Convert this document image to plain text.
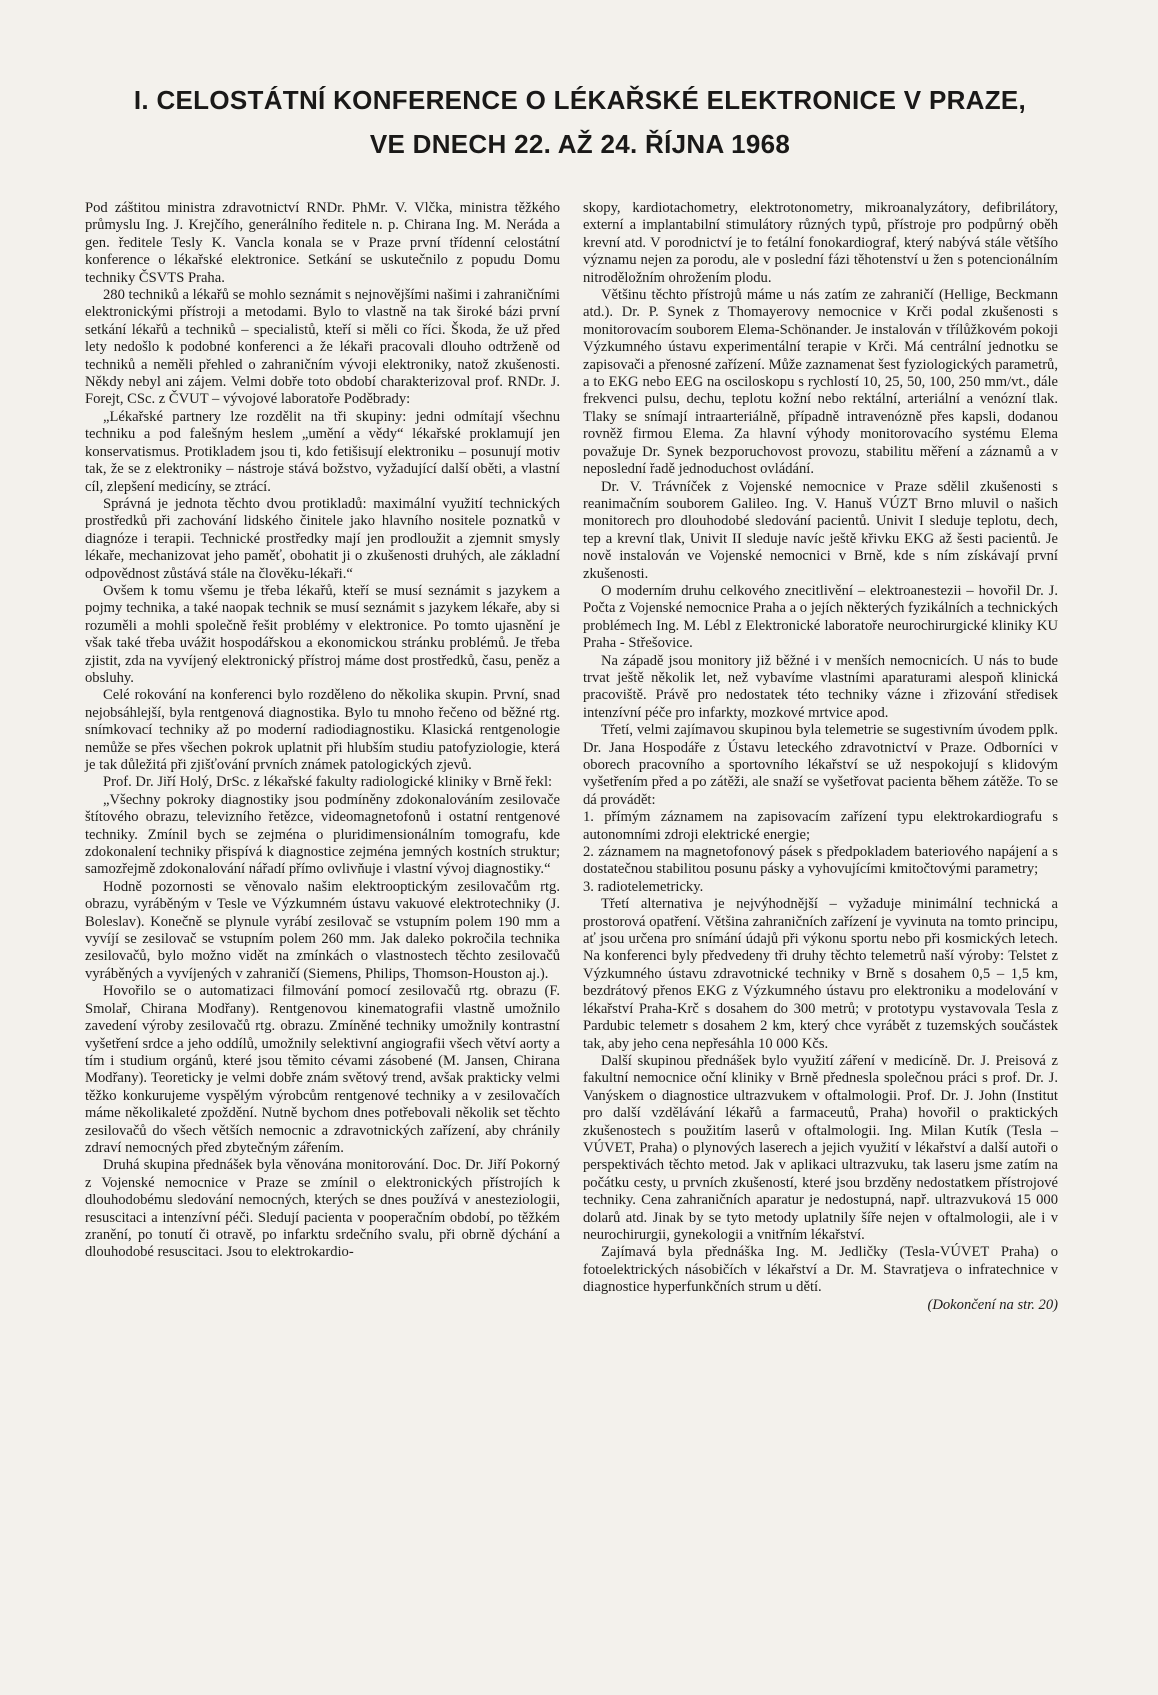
I. CELOSTÁTNÍ KONFERENCE O LÉKAŘSKÉ ELEKTRONICE V PRAZE,
VE DNECH 22. AŽ 24. ŘÍJNA 1968

Pod záštitou ministra zdravotnictví RNDr. PhMr. V. Vlčka, ministra těžkého průmyslu Ing. J. Krejčího, generálního ředitele n. p. Chirana Ing. M. Neráda a gen. ředitele Tesly K. Vancla konala se v Praze první třídenní celostátní konference o lékařské elektronice. Setkání se uskutečnilo z popudu Domu techniky ČSVTS Praha.

280 techniků a lékařů se mohlo seznámit s nejnovějšími našimi i zahraničními elektronickými přístroji a metodami. Bylo to vlastně na tak široké bázi první setkání lékařů a techniků – specialistů, kteří si měli co říci. Škoda, že už před lety nedošlo k podobné konferenci a že lékaři pracovali dlouho odtrženě od techniků a neměli přehled o zahraničním vývoji elektroniky, natož zkušenosti. Někdy nebyl ani zájem. Velmi dobře toto období charakterizoval prof. RNDr. J. Forejt, CSc. z ČVUT – vývojové laboratoře Poděbrady:

„Lékařské partnery lze rozdělit na tři skupiny: jedni odmítají všechnu techniku a pod falešným heslem „umění a vědy“ lékařské proklamují jen konservatismus. Protikladem jsou ti, kdo fetišisují elektroniku – posunují motiv tak, že se z elektroniky – nástroje stává božstvo, vyžadující další oběti, a vlastní cíl, zlepšení medicíny, se ztrácí.

Správná je jednota těchto dvou protikladů: maximální využití technických prostředků při zachování lidského činitele jako hlavního nositele poznatků v diagnóze i terapii. Technické prostředky mají jen prodloužit a zjemnit smysly lékaře, mechanizovat jeho paměť, obohatit ji o zkušenosti druhých, ale základní odpovědnost zůstává stále na člověku-lékaři.“

Ovšem k tomu všemu je třeba lékařů, kteří se musí seznámit s jazykem a pojmy technika, a také naopak technik se musí seznámit s jazykem lékaře, aby si rozuměli a mohli společně řešit problémy v elektronice. Po tomto ujasnění je však také třeba uvážit hospodářskou a ekonomickou stránku problémů. Je třeba zjistit, zda na vyvíjený elektronický přístroj máme dost prostředků, času, peněz a obsluhy.

Celé rokování na konferenci bylo rozděleno do několika skupin. První, snad nejobsáhlejší, byla rentgenová diagnostika. Bylo tu mnoho řečeno od běžné rtg. snímkovací techniky až po moderní radiodiagnostiku. Klasická rentgenologie nemůže se přes všechen pokrok uplatnit při hlubším studiu patofyziologie, která je tak důležitá při zjišťování prvních známek patologických zjevů.

Prof. Dr. Jiří Holý, DrSc. z lékařské fakulty radiologické kliniky v Brně řekl:

„Všechny pokroky diagnostiky jsou podmíněny zdokonalováním zesilovače štítového obrazu, televizního řetězce, videomagnetofonů i ostatní rentgenové techniky. Zmínil bych se zejména o pluridimensionálním tomografu, kde zdokonalení techniky přispívá k diagnostice zejména jemných kostních struktur; samozřejmě zdokonalování nářadí přímo ovlivňuje i vlastní vývoj diagnostiky.“

Hodně pozornosti se věnovalo našim elektrooptickým zesilovačům rtg. obrazu, vyráběným v Tesle ve Výzkumném ústavu vakuové elektrotechniky (J. Boleslav). Konečně se plynule vyrábí zesilovač se vstupním polem 190 mm a vyvíjí se zesilovač se vstupním polem 260 mm. Jak daleko pokročila technika zesilovačů, bylo možno vidět na zmínkách o vlastnostech těchto zesilovačů vyráběných a vyvíjených v zahraničí (Siemens, Philips, Thomson-Houston aj.).

Hovořilo se o automatizaci filmování pomocí zesilovačů rtg. obrazu (F. Smolař, Chirana Modřany). Rentgenovou kinematografii vlastně umožnilo zavedení výroby zesilovačů rtg. obrazu. Zmíněné techniky umožnily kontrastní vyšetření srdce a jeho oddílů, umožnily selektivní angiografii všech větví aorty a tím i studium orgánů, které jsou těmito cévami zásobené (M. Jansen, Chirana Modřany). Teoreticky je velmi dobře znám světový trend, avšak prakticky velmi těžko konkurujeme vyspělým výrobcům rentgenové techniky a v zesilovačích máme několikaleté zpoždění. Nutně bychom dnes potřebovali několik set těchto zesilovačů do všech větších nemocnic a zdravotnických zařízení, aby chránily zdraví nemocných před zbytečným zářením.

Druhá skupina přednášek byla věnována monitorování. Doc. Dr. Jiří Pokorný z Vojenské nemocnice v Praze se zmínil o elektronických přístrojích k dlouhodobému sledování nemocných, kterých se dnes používá v anesteziologii, resuscitaci a intenzívní péči. Sledují pacienta v pooperačním období, po těžkém zranění, po tonutí či otravě, po infarktu srdečního svalu, při obrně dýchání a dlouhodobé resuscitaci. Jsou to elektrokardio-

skopy, kardiotachometry, elektrotonometry, mikroanalyzátory, defibrilátory, externí a implantabilní stimulátory různých typů, přístroje pro podpůrný oběh krevní atd. V porodnictví je to fetální fonokardiograf, který nabývá stále většího významu nejen za porodu, ale v poslední fázi těhotenství u žen s potencionálním nitroděložním ohrožením plodu.

Většinu těchto přístrojů máme u nás zatím ze zahraničí (Hellige, Beckmann atd.). Dr. P. Synek z Thomayerovy nemocnice v Krči podal zkušenosti s monitorovacím souborem Elema-Schönander. Je instalován v třílůžkovém pokoji Výzkumného ústavu experimentální terapie v Krči. Má centrální jednotku se zapisovači a přenosné zařízení. Může zaznamenat šest fyziologických parametrů, a to EKG nebo EEG na osciloskopu s rychlostí 10, 25, 50, 100, 250 mm/vt., dále frekvenci pulsu, dechu, teplotu kožní nebo rektální, arteriální a venózní tlak. Tlaky se snímají intraarteriálně, případně intravenózně přes kapsli, dodanou rovněž firmou Elema. Za hlavní výhody monitorovacího systému Elema považuje Dr. Synek bezporuchovost provozu, stabilitu měření a záznamů a v neposlední řadě jednoduchost ovládání.

Dr. V. Trávníček z Vojenské nemocnice v Praze sdělil zkušenosti s reanimačním souborem Galileo. Ing. V. Hanuš VÚZT Brno mluvil o našich monitorech pro dlouhodobé sledování pacientů. Univit I sleduje teplotu, dech, tep a krevní tlak, Univit II sleduje navíc ještě křivku EKG až šesti pacientů. Je nově instalován ve Vojenské nemocnici v Brně, kde s ním získávají první zkušenosti.

O moderním druhu celkového znecitlivění – elektroanestezii – hovořil Dr. J. Počta z Vojenské nemocnice Praha a o jejích některých fyzikálních a technických problémech Ing. M. Lébl z Elektronické laboratoře neurochirurgické kliniky KU Praha - Střešovice.

Na západě jsou monitory již běžné i v menších nemocnicích. U nás to bude trvat ještě několik let, než vybavíme vlastními aparaturami alespoň klinická pracoviště. Právě pro nedostatek této techniky vázne i zřizování středisek intenzívní péče pro infarkty, mozkové mrtvice apod.

Třetí, velmi zajímavou skupinou byla telemetrie se sugestivním úvodem pplk. Dr. Jana Hospodáře z Ústavu leteckého zdravotnictví v Praze. Odborníci v oborech pracovního a sportovního lékařství se už nespokojují s klidovým vyšetřením před a po zátěži, ale snaží se vyšetřovat pacienta během zátěže. To se dá provádět:

1. přímým záznamem na zapisovacím zařízení typu elektrokardiografu s autonomními zdroji elektrické energie;

2. záznamem na magnetofonový pásek s předpokladem bateriového napájení a s dostatečnou stabilitou posunu pásky a vyhovujícími kmitočtovými parametry;

3. radiotelemetricky.

Třetí alternativa je nejvýhodnější – vyžaduje minimální technická a prostorová opatření. Většina zahraničních zařízení je vyvinuta na tomto principu, ať jsou určena pro snímání údajů při výkonu sportu nebo při kosmických letech. Na konferenci byly předvedeny tři druhy těchto telemetrů naší výroby: Telstet z Výzkumného ústavu zdravotnické techniky v Brně s dosahem 0,5 – 1,5 km, bezdrátový přenos EKG z Výzkumného ústavu pro elektroniku a modelování v lékařství Praha-Krč s dosahem do 300 metrů; v prototypu vystavovala Tesla z Pardubic telemetr s dosahem 2 km, který chce vyrábět z tuzemských součástek tak, aby jeho cena nepřesáhla 10 000 Kčs.

Další skupinou přednášek bylo využití záření v medicíně. Dr. J. Preisová z fakultní nemocnice oční kliniky v Brně přednesla společnou práci s prof. Dr. J. Vanýskem o diagnostice ultrazvukem v oftalmologii. Prof. Dr. J. John (Institut pro další vzdělávání lékařů a farmaceutů, Praha) hovořil o praktických zkušenostech s použitím laserů v oftalmologii. Ing. Milan Kutík (Tesla – VÚVET, Praha) o plynových laserech a jejich využití v lékařství a další autoři o perspektivách těchto metod. Jak v aplikaci ultrazvuku, tak laseru jsme zatím na počátku cesty, u prvních zkušeností, které jsou brzděny nedostatkem přístrojové techniky. Cena zahraničních aparatur je nedostupná, např. ultrazvuková 15 000 dolarů atd. Jinak by se tyto metody uplatnily šíře nejen v oftalmologii, ale i v neurochirurgii, gynekologii a vnitřním lékařství.

Zajímavá byla přednáška Ing. M. Jedličky (Tesla-VÚVET Praha) o fotoelektrických násobičích v lékařství a Dr. M. Stavratjeva o infratechnice v diagnostice hyperfunkčních strum u dětí.

(Dokončení na str. 20)
